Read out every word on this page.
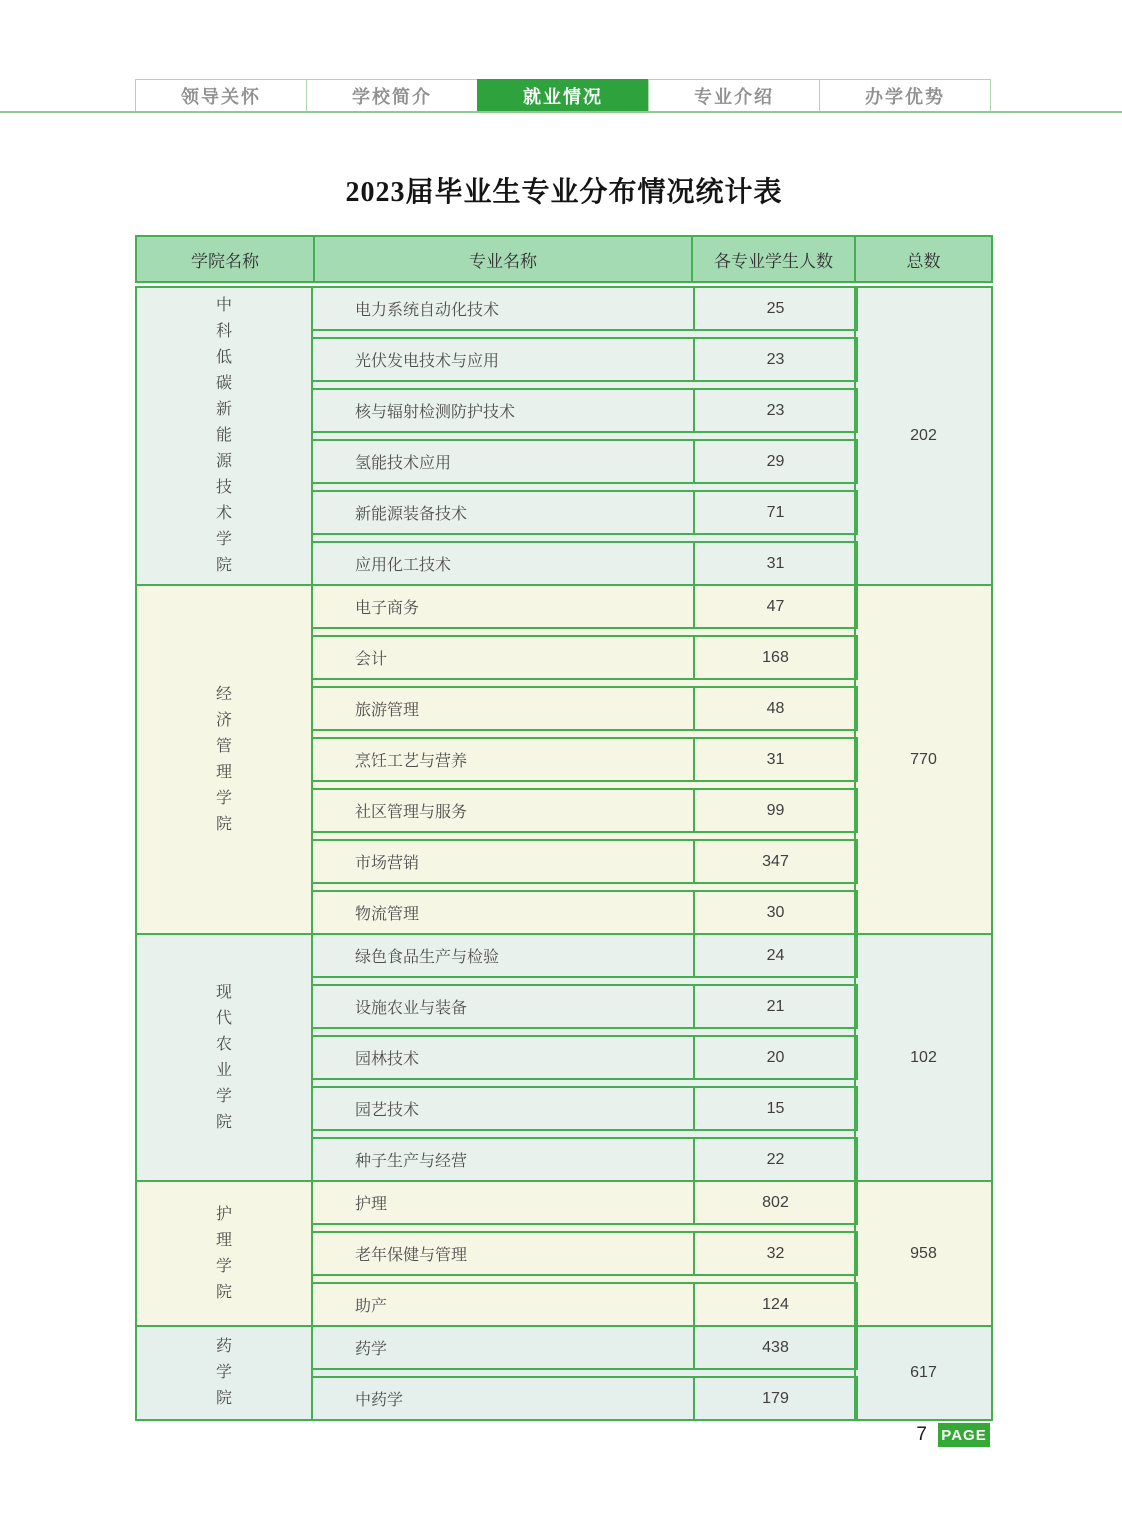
领导关怀	学校简介	就业情况	专业介绍	办学优势
2023届毕业生专业分布情况统计表
学院名称	专业名称	各专业学生人数	总数
中科低碳新能源技术学院
电力系统自动化技术	25
光伏发电技术与应用	23
核与辐射检测防护技术	23
氢能技术应用	29
新能源装备技术	71
应用化工技术	31
202
经济管理学院
电子商务	47
会计	168
旅游管理	48
烹饪工艺与营养	31
社区管理与服务	99
市场营销	347
物流管理	30
770
现代农业学院
绿色食品生产与检验	24
设施农业与装备	21
园林技术	20
园艺技术	15
种子生产与经营	22
102
护理学院
护理	802
老年保健与管理	32
助产	124
958
药学院
药学	438
中药学	179
617
7 PAGE
